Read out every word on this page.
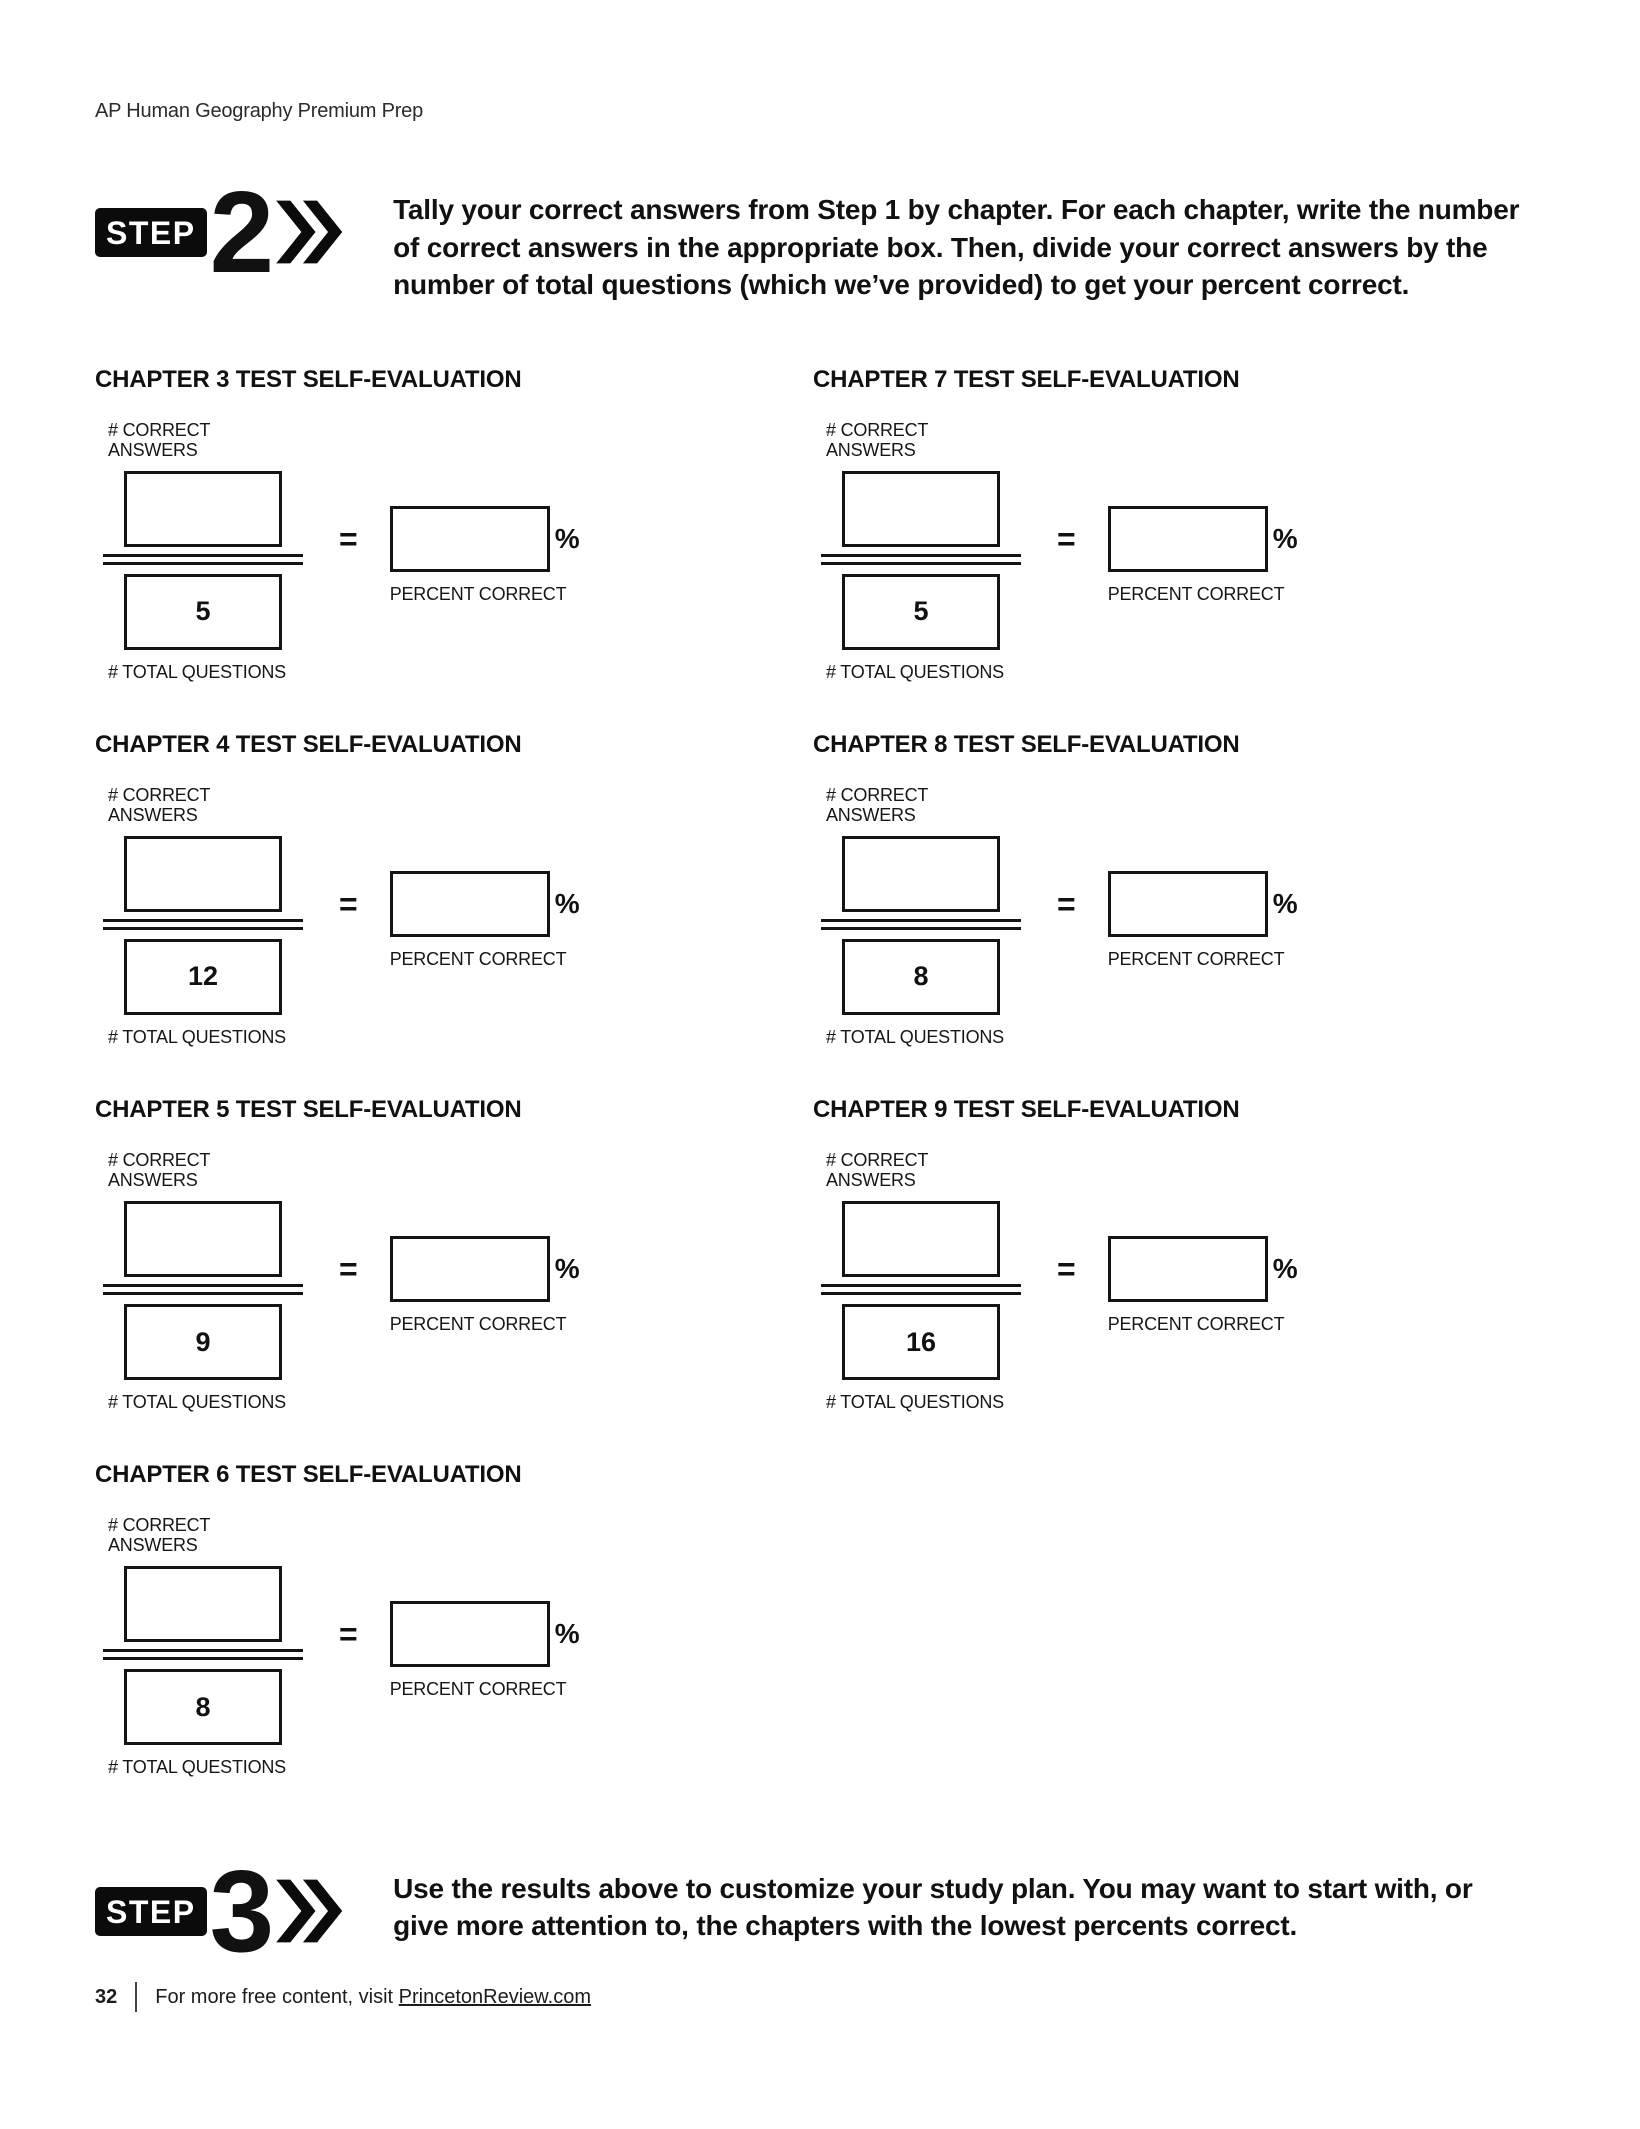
AP Human Geography Premium Prep
STEP 2	Tally your correct answers from Step 1 by chapter. For each chapter, write the number of correct answers in the appropriate box. Then, divide your correct answers by the number of total questions (which we’ve provided) to get your percent correct.
CHAPTER 3 TEST SELF-EVALUATION
# CORRECT ANSWERS
5
# TOTAL QUESTIONS
=	%
PERCENT CORRECT
CHAPTER 7 TEST SELF-EVALUATION
# CORRECT ANSWERS
5
# TOTAL QUESTIONS
=	%
PERCENT CORRECT
CHAPTER 4 TEST SELF-EVALUATION
# CORRECT ANSWERS
12
# TOTAL QUESTIONS
=	%
PERCENT CORRECT
CHAPTER 8 TEST SELF-EVALUATION
# CORRECT ANSWERS
8
# TOTAL QUESTIONS
=	%
PERCENT CORRECT
CHAPTER 5 TEST SELF-EVALUATION
# CORRECT ANSWERS
9
# TOTAL QUESTIONS
=	%
PERCENT CORRECT
CHAPTER 9 TEST SELF-EVALUATION
# CORRECT ANSWERS
16
# TOTAL QUESTIONS
=	%
PERCENT CORRECT
CHAPTER 6 TEST SELF-EVALUATION
# CORRECT ANSWERS
8
# TOTAL QUESTIONS
=	%
PERCENT CORRECT
STEP 3	Use the results above to customize your study plan. You may want to start with, or give more attention to, the chapters with the lowest percents correct.
32 For more free content, visit PrincetonReview.com
